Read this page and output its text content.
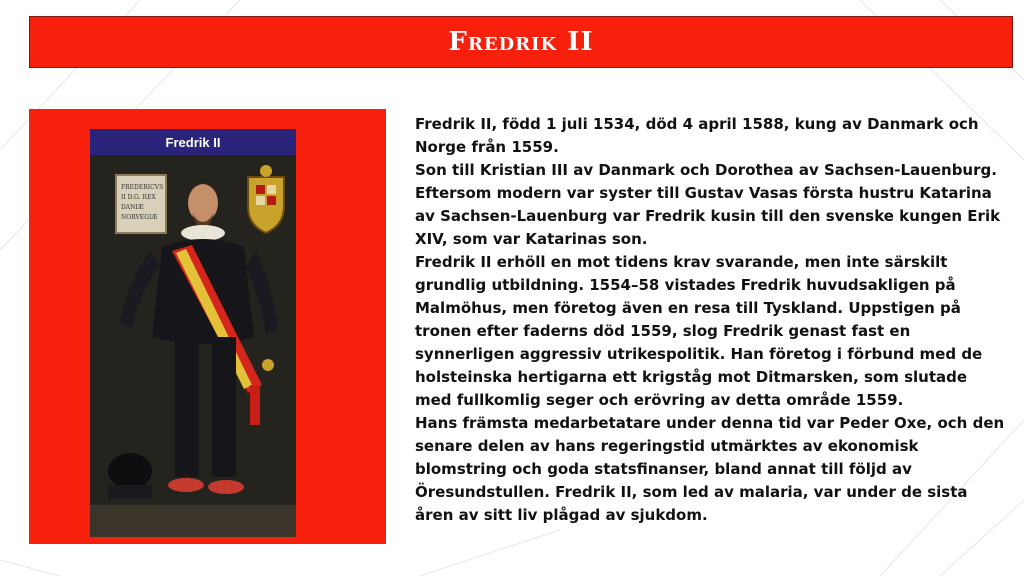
Fredrik II
Fredrik II
FREDERICVS
II D.G. REX
DANIÆ
NORVEGIÆ

Fredrik II, född 1 juli 1534, död 4 april 1588, kung av Danmark och Norge från 1559.

Son till Kristian III av Danmark och Dorothea av Sachsen-Lauenburg. Eftersom modern var syster till Gustav Vasas första hustru Katarina av Sachsen-Lauenburg var Fredrik kusin till den svenske kungen Erik XIV, som var Katarinas son.

Fredrik II erhöll en mot tidens krav svarande, men inte särskilt grundlig utbildning. 1554–58 vistades Fredrik huvudsakligen på Malmöhus, men företog även en resa till Tyskland. Uppstigen på tronen efter faderns död 1559, slog Fredrik genast fast en synnerligen aggressiv utrikespolitik. Han företog i förbund med de holsteinska hertigarna ett krigståg mot Ditmarsken, som slutade med fullkomlig seger och erövring av detta område 1559.

Hans främsta medarbetatare under denna tid var Peder Oxe, och den senare delen av hans regeringstid utmärktes av ekonomisk blomstring och goda statsfinanser, bland annat till följd av Öresundstullen. Fredrik II, som led av malaria, var under de sista åren av sitt liv plågad av sjukdom.
